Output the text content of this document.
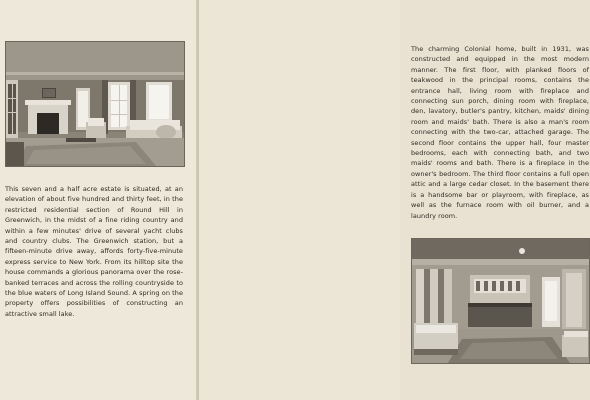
This seven and a half acre estate is situated, at an elevation of about five hundred and thirty feet, in the restricted residential section of Round Hill in Greenwich, in the midst of a fine riding country and within a few minutes' drive of several yacht clubs and country clubs. The Greenwich station, but a fifteen-minute drive away, affords forty-five-minute express service to New York. From its hilltop site the house commands a glorious panorama over the rose-banked terraces and across the rolling countryside to the blue waters of Long Island Sound. A spring on the property offers possibilities of constructing an attractive small lake.

The charming Colonial home, built in 1931, was constructed and equipped in the most modern manner. The first floor, with planked floors of teakwood in the principal rooms, contains the entrance hall, living room with fireplace and connecting sun porch, dining room with fireplace, den, lavatory, butler's pantry, kitchen, maids' dining room and maids' bath. There is also a man's room connecting with the two-car, attached garage. The second floor contains the upper hall, four master bedrooms, each with connecting bath, and two maids' rooms and bath. There is a fireplace in the owner's bedroom. The third floor contains a full open attic and a large cedar closet. In the basement there is a handsome bar or playroom, with fireplace, as well as the furnace room with oil burner, and a laundry room.
